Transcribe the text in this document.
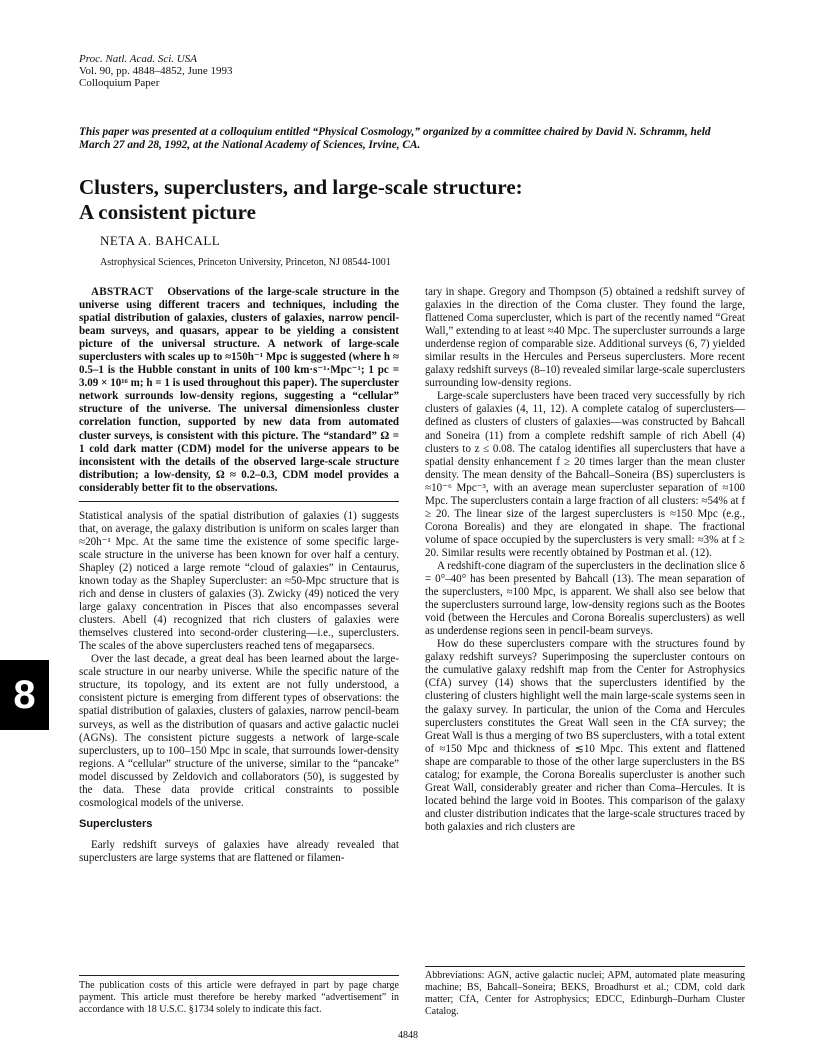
Proc. Natl. Acad. Sci. USA
Vol. 90, pp. 4848–4852, June 1993
Colloquium Paper
This paper was presented at a colloquium entitled “Physical Cosmology,” organized by a committee chaired by David N. Schramm, held March 27 and 28, 1992, at the National Academy of Sciences, Irvine, CA.
Clusters, superclusters, and large-scale structure:
A consistent picture
NETA A. BAHCALL
Astrophysical Sciences, Princeton University, Princeton, NJ 08544-1001

ABSTRACT Observations of the large-scale structure in the universe using different tracers and techniques, including the spatial distribution of galaxies, clusters of galaxies, narrow pencil-beam surveys, and quasars, appear to be yielding a consistent picture of the universal structure. A network of large-scale superclusters with scales up to ≈150h⁻¹ Mpc is suggested (where h ≈ 0.5–1 is the Hubble constant in units of 100 km·s⁻¹·Mpc⁻¹; 1 pc = 3.09 × 10¹⁶ m; h = 1 is used throughout this paper). The supercluster network surrounds low-density regions, suggesting a “cellular” structure of the universe. The universal dimensionless cluster correlation function, supported by new data from automated cluster surveys, is consistent with this picture. The “standard” Ω = 1 cold dark matter (CDM) model for the universe appears to be inconsistent with the details of the observed large-scale structure distribution; a low-density, Ω ≈ 0.2–0.3, CDM model provides a considerably better fit to the observations.

Statistical analysis of the spatial distribution of galaxies (1) suggests that, on average, the galaxy distribution is uniform on scales larger than ≈20h⁻¹ Mpc. At the same time the existence of some specific large-scale structure in the universe has been known for over half a century. Shapley (2) noticed a large remote “cloud of galaxies” in Centaurus, known today as the Shapley Supercluster: an ≈50-Mpc structure that is rich and dense in clusters of galaxies (3). Zwicky (49) noticed the very large galaxy concentration in Pisces that also encompasses several clusters. Abell (4) recognized that rich clusters of galaxies were themselves clustered into second-order clustering—i.e., superclusters. The scales of the above superclusters reached tens of megaparsecs.

Over the last decade, a great deal has been learned about the large-scale structure in our nearby universe. While the specific nature of the structure, its topology, and its extent are not fully understood, a consistent picture is emerging from different types of observations: the spatial distribution of galaxies, clusters of galaxies, narrow pencil-beam surveys, as well as the distribution of quasars and active galactic nuclei (AGNs). The consistent picture suggests a network of large-scale superclusters, up to 100–150 Mpc in scale, that surrounds lower-density regions. A “cellular” structure of the universe, similar to the “pancake” model discussed by Zeldovich and collaborators (50), is suggested by the data. These data provide critical constraints to possible cosmological models of the universe.

Superclusters

Early redshift surveys of galaxies have already revealed that superclusters are large systems that are flattened or filamen-

tary in shape. Gregory and Thompson (5) obtained a redshift survey of galaxies in the direction of the Coma cluster. They found the large, flattened Coma supercluster, which is part of the recently named “Great Wall,” extending to at least ≈40 Mpc. The supercluster surrounds a large underdense region of comparable size. Additional surveys (6, 7) yielded similar results in the Hercules and Perseus superclusters. More recent galaxy redshift surveys (8–10) revealed similar large-scale superclusters surrounding low-density regions.

Large-scale superclusters have been traced very successfully by rich clusters of galaxies (4, 11, 12). A complete catalog of superclusters—defined as clusters of clusters of galaxies—was constructed by Bahcall and Soneira (11) from a complete redshift sample of rich Abell (4) clusters to z ≤ 0.08. The catalog identifies all superclusters that have a spatial density enhancement f ≥ 20 times larger than the mean cluster density. The mean density of the Bahcall–Soneira (BS) superclusters is ≈10⁻⁶ Mpc⁻³, with an average mean supercluster separation of ≈100 Mpc. The superclusters contain a large fraction of all clusters: ≈54% at f ≥ 20. The linear size of the largest superclusters is ≈150 Mpc (e.g., Corona Borealis) and they are elongated in shape. The fractional volume of space occupied by the superclusters is very small: ≈3% at f ≥ 20. Similar results were recently obtained by Postman et al. (12).

A redshift-cone diagram of the superclusters in the declination slice δ = 0°–40° has been presented by Bahcall (13). The mean separation of the superclusters, ≈100 Mpc, is apparent. We shall also see below that the superclusters surround large, low-density regions such as the Bootes void (between the Hercules and Corona Borealis superclusters) as well as underdense regions seen in pencil-beam surveys.

How do these superclusters compare with the structures found by galaxy redshift surveys? Superimposing the supercluster contours on the cumulative galaxy redshift map from the Center for Astrophysics (CfA) survey (14) shows that the superclusters identified by the clustering of clusters highlight well the main large-scale systems seen in the galaxy survey. In particular, the union of the Coma and Hercules superclusters constitutes the Great Wall seen in the CfA survey; the Great Wall is thus a merging of two BS superclusters, with a total extent of ≈150 Mpc and thickness of ≲10 Mpc. This extent and flattened shape are comparable to those of the other large superclusters in the BS catalog; for example, the Corona Borealis supercluster is another such Great Wall, considerably greater and richer than Coma–Hercules. It is located behind the large void in Bootes. This comparison of the galaxy and cluster distribution indicates that the large-scale structures traced by both galaxies and rich clusters are

The publication costs of this article were defrayed in part by page charge payment. This article must therefore be hereby marked “advertisement” in accordance with 18 U.S.C. §1734 solely to indicate this fact.
Abbreviations: AGN, active galactic nuclei; APM, automated plate measuring machine; BS, Bahcall–Soneira; BEKS, Broadhurst et al.; CDM, cold dark matter; CfA, Center for Astrophysics; EDCC, Edinburgh–Durham Cluster Catalog.
4848
8
